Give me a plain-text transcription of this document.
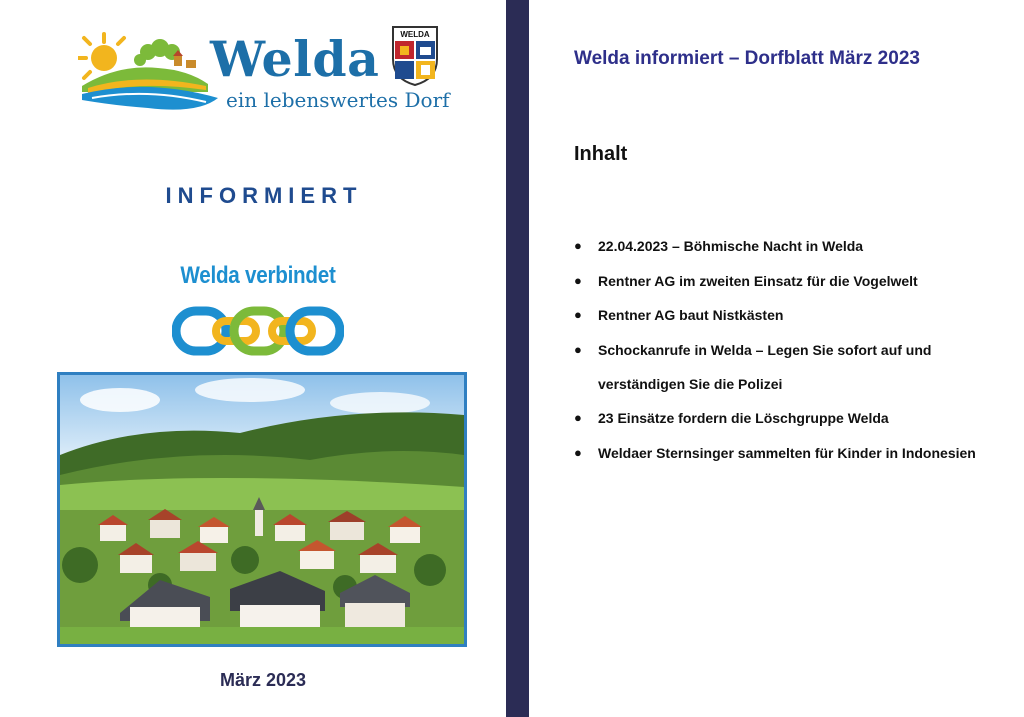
Welda
ein lebenswertes Dorf
WELDA
INFORMIERT
Welda verbindet
März 2023
Welda informiert – Dorfblatt März 2023
Inhalt
● 22.04.2023 – Böhmische Nacht in Welda
● Rentner AG im zweiten Einsatz für die Vogelwelt
● Rentner AG baut Nistkästen
● Schockanrufe in Welda – Legen Sie sofort auf und
verständigen Sie die Polizei
● 23 Einsätze fordern die Löschgruppe Welda
● Weldaer Sternsinger sammelten für Kinder in Indonesien
